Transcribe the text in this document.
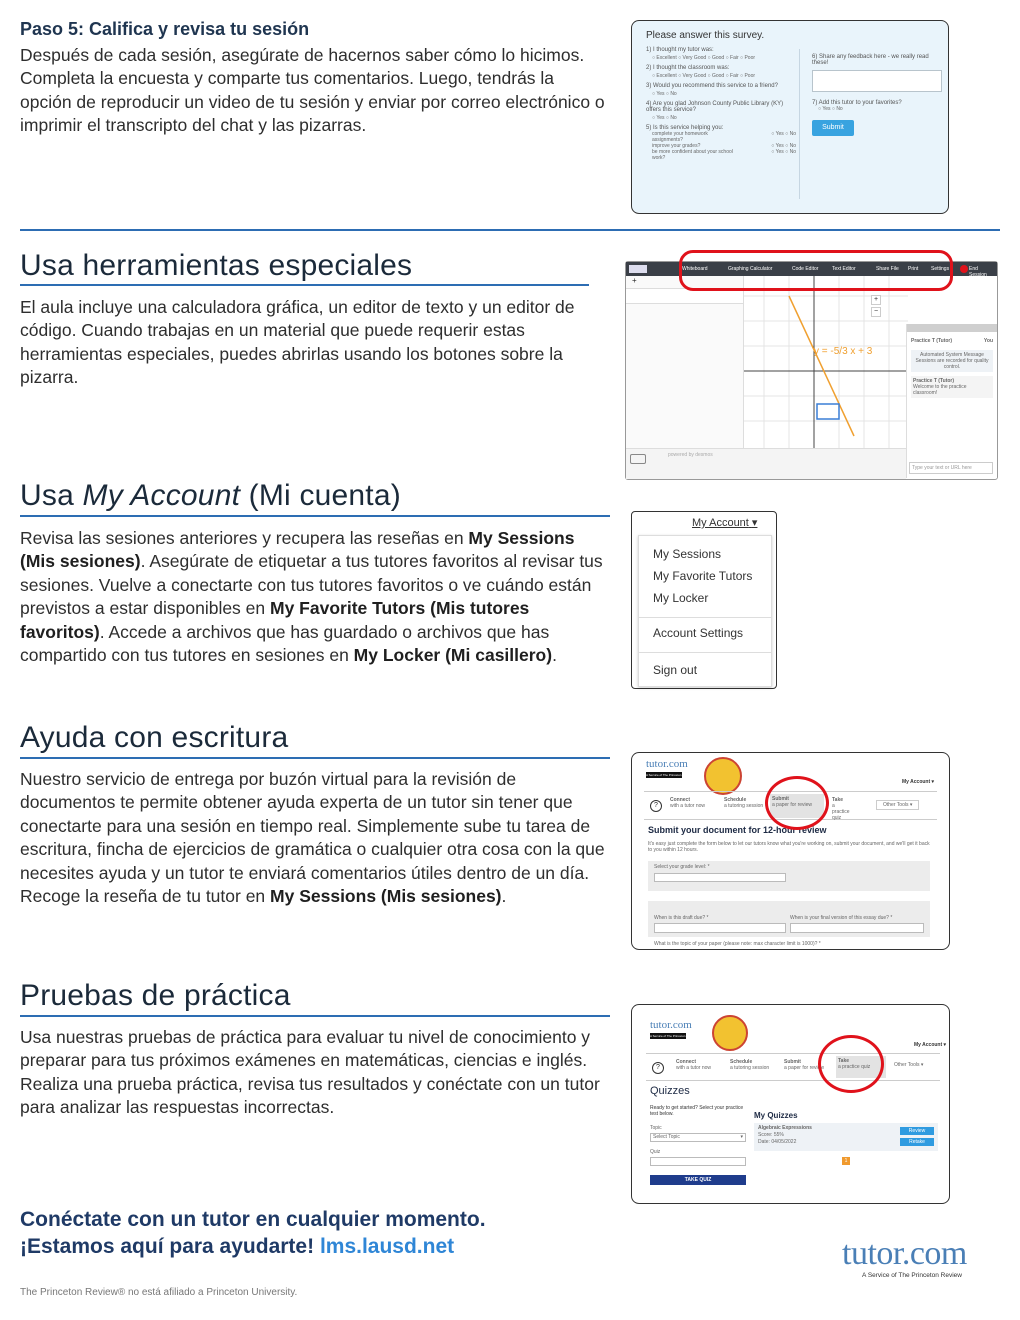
Paso 5: Califica y revisa tu sesión

Después de cada sesión, asegúrate de hacernos saber cómo lo hicimos. Completa la encuesta y comparte tus comentarios. Luego, tendrás la opción de reproducir un video de tu sesión y enviar por correo electrónico o imprimir el transcripto del chat y las pizarras.

Please answer this survey.
1) I thought my tutor was:
○ Excellent ○ Very Good ○ Good ○ Fair ○ Poor
2) I thought the classroom was:
○ Excellent ○ Very Good ○ Good ○ Fair ○ Poor
3) Would you recommend this service to a friend?
○ Yes ○ No
4) Are you glad Johnson County Public Library (KY) offers this service?
○ Yes ○ No
5) Is this service helping you:
complete your homework assignments?
○ Yes ○ No
improve your grades?	○ Yes ○ No
be more confident about your school work?
○ Yes ○ No
6) Share any feedback here - we really read these!
7) Add this tutor to your favorites?
○ Yes ○ No
Submit
Usa herramientas especiales

El aula incluye una calculadora gráfica, un editor de texto y un editor de código. Cuando trabajas en un material que puede requerir estas herramientas especiales, puedes abrirlas usando los botones sobre la pizarra.

Whiteboard	Graphing Calculator	Code Editor	Text Editor	Share File Print	Settings	End Session
+
y = -5/3 x + 3
+
−
Practice T (Tutor)	You
Automated System Message
Sessions are recorded for quality control.
Practice T (Tutor)
Welcome to the practice classroom!
Type your text or URL here
powered by desmos
Usa My Account (Mi cuenta)

Revisa las sesiones anteriores y recupera las reseñas en My Sessions (Mis sesiones). Asegúrate de etiquetar a tus tutores favoritos al revisar tus sesiones. Vuelve a conectarte con tus tutores favoritos o ve cuándo están previstos a estar disponibles en My Favorite Tutors (Mis tutores favoritos). Accede a archivos que has guardado o archivos que has compartido con tus tutores en sesiones en My Locker (Mi casillero).

My Account ▾
My Sessions
My Favorite Tutors
My Locker
Account Settings
Sign out
Ayuda con escritura

Nuestro servicio de entrega por buzón virtual para la revisión de documentos te permite obtener ayuda experta de un tutor sin tener que conectarte para una sesión en tiempo real. Simplemente sube tu tarea de escritura, fincha de ejercicios de gramática o cualquier otra cosa con la que necesites ayuda y un tutor te enviará comentarios útiles dentro de un día. Recoge la reseña de tu tutor en My Sessions (Mis sesiones).

tutor.com
A Service of The Princeton Review	My Account ▾
?
Connect
with a tutor now
Schedule
a tutoring session
Submit
a paper for review
Take
a practice quiz
Other Tools ▾
Submit your document for 12-hour review
It's easy just complete the form below to let our tutors know what you're working on, submit your document, and we'll get it back to you within 12 hours.
Select your grade level: *
When is this draft due? *	When is your final version of this essay due? *
What is the topic of your paper (please note: max character limit is 1000)? *
Pruebas de práctica

Usa nuestras pruebas de práctica para evaluar tu nivel de conocimiento y preparar para tus próximos exámenes en matemáticas, ciencias e inglés. Realiza una prueba práctica, revisa tus resultados y conéctate con un tutor para analizar las respuestas incorrectas.

tutor.com
A Service of The Princeton Review	My Account ▾
?
Connect
with a tutor now
Schedule
a tutoring session
Submit
a paper for review
Take
a practice quiz	Other Tools ▾
Quizzes
Ready to get started? Select your practice test below.
Topic
Select Topic	▾
Quiz
TAKE QUIZ
My Quizzes
Algebraic Expressions
Score: 55%
Date: 04/05/2022
Review
Retake
1
Conéctate con un tutor en cualquier momento.
¡Estamos aquí para ayudarte! lms.lausd.net	tutor.com
A Service of The Princeton Review
The Princeton Review® no está afiliado a Princeton University.
